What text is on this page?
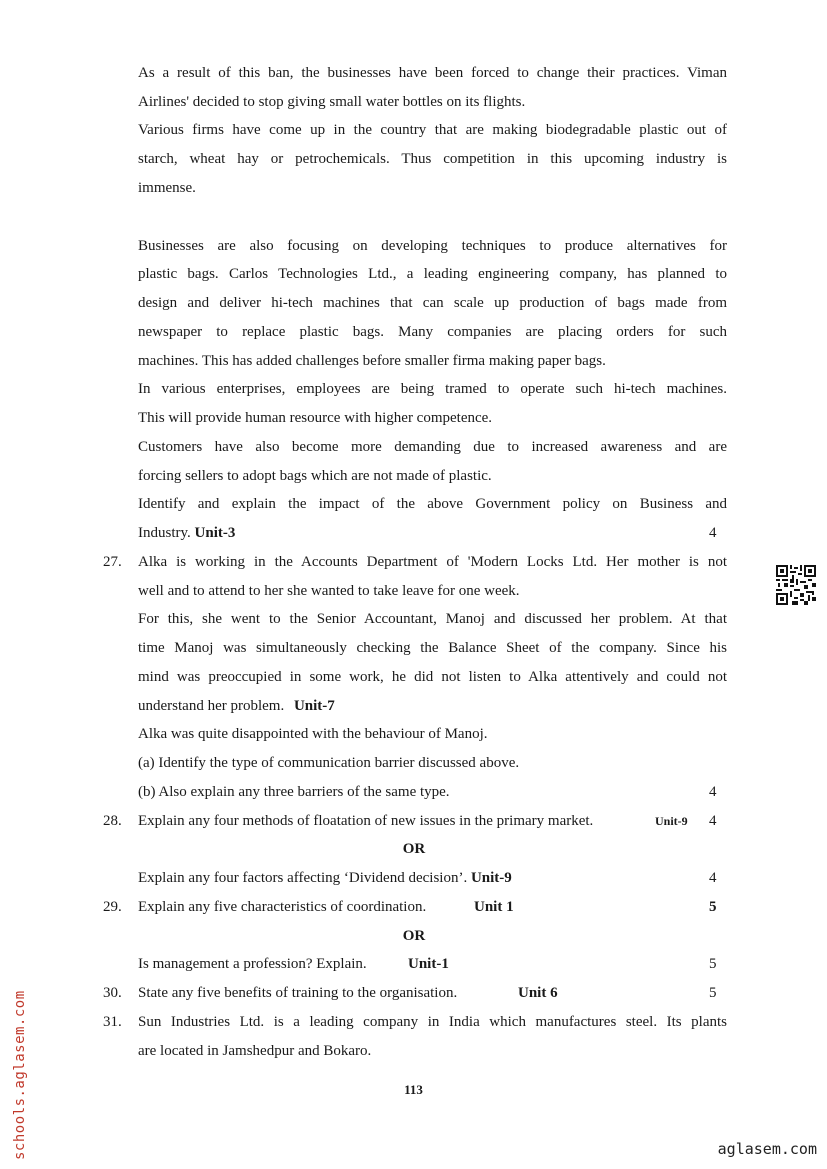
As a result of this ban, the businesses have been forced to change their practices. Viman
Airlines' decided to stop giving small water bottles on its flights.
Various firms have come up in the country that are making biodegradable plastic out of
starch, wheat hay or petrochemicals. Thus competition in this upcoming industry is
immense.
Businesses are also focusing on developing techniques to produce alternatives for
plastic bags. Carlos Technologies Ltd., a leading engineering company, has planned to
design and deliver hi-tech machines that can scale up production of bags made from
newspaper to replace plastic bags. Many companies are placing orders for such
machines. This has added challenges before smaller firma making paper bags.
In various enterprises, employees are being tramed to operate such hi-tech machines.
This will provide human resource with higher competence.
Customers have also become more demanding due to increased awareness and are
forcing sellers to adopt bags which are not made of plastic.
Identify and explain the impact of the above Government policy on Business and
Industry. Unit-3	4
27. Alka is working in the Accounts Department of 'Modern Locks Ltd. Her mother is not
well and to attend to her she wanted to take leave for one week.
For this, she went to the Senior Accountant, Manoj and discussed her problem. At that
time Manoj was simultaneously checking the Balance Sheet of the company. Since his
mind was preoccupied in some work, he did not listen to Alka attentively and could not
understand her problem. Unit-7
Alka was quite disappointed with the behaviour of Manoj.
(a) Identify the type of communication barrier discussed above.
(b) Also explain any three barriers of the same type.	4
28. Explain any four methods of floatation of new issues in the primary market.	Unit-9 4
OR
Explain any four factors affecting ‘Dividend decision’. Unit-9	4
29. Explain any five characteristics of coordination.	Unit 1	5
OR
Is management a profession? Explain.	Unit-1	5
30. State any five benefits of training to the organisation.	Unit 6	5
31. Sun Industries Ltd. is a leading company in India which manufactures steel. Its plants
are located in Jamshedpur and Bokaro.
113
schools.aglasem.com	aglasem.com
